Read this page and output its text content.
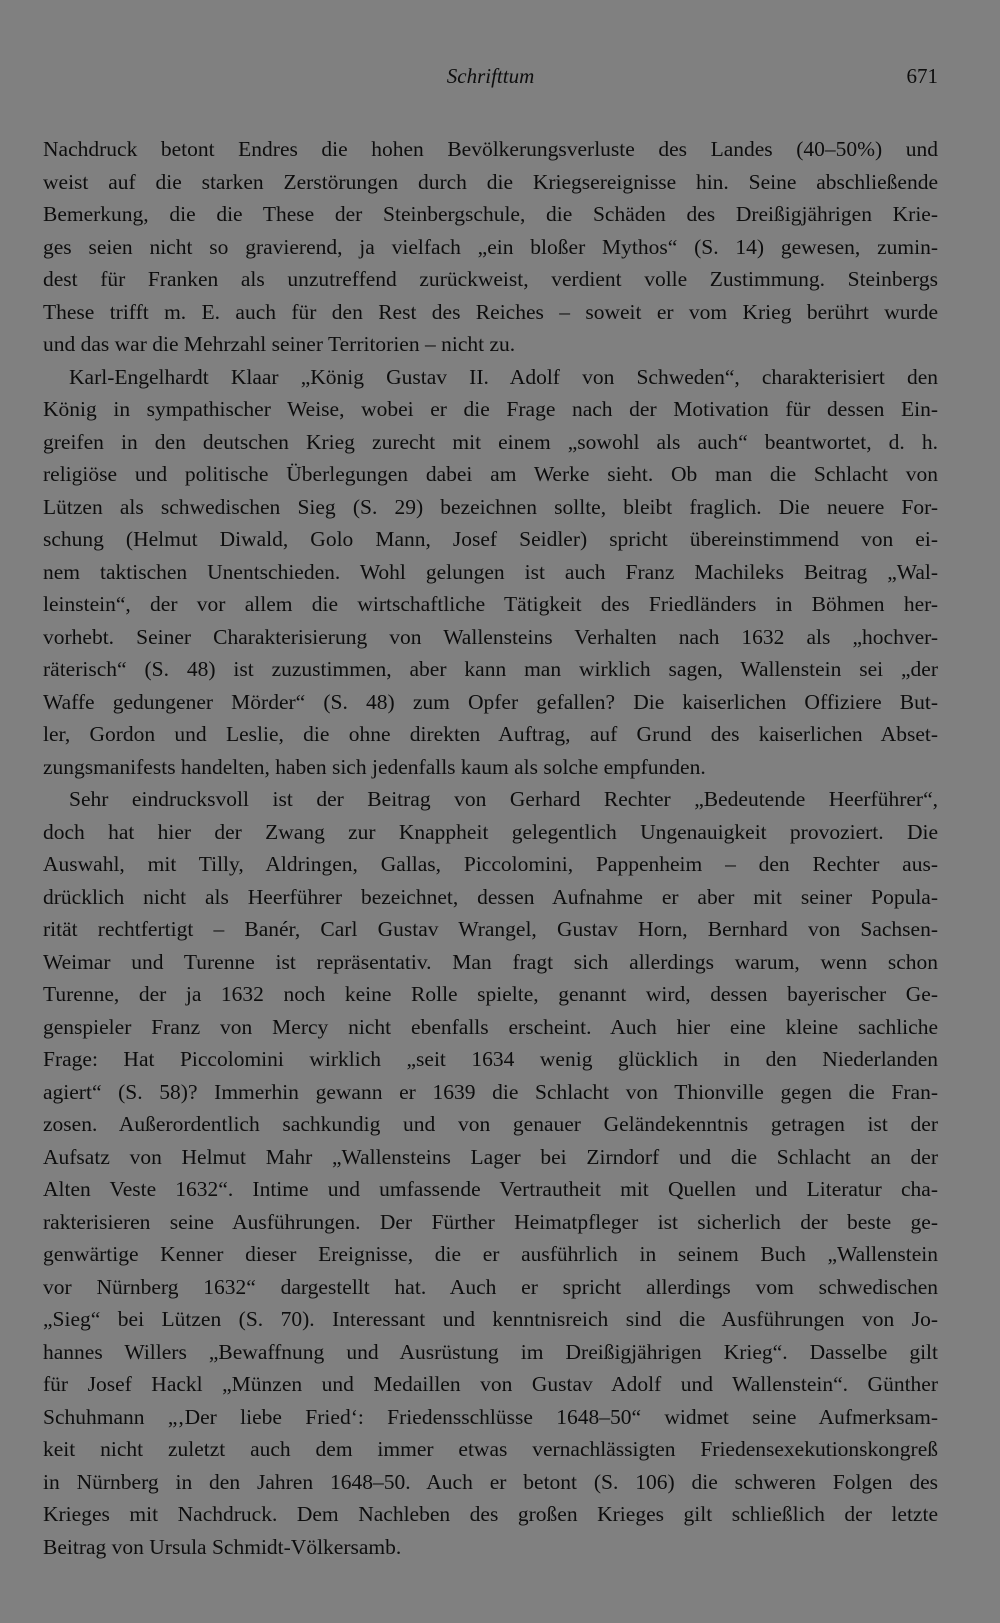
Schrifttum	671
Nachdruck betont Endres die hohen Bevölkerungsverluste des Landes (40–50%) und
weist auf die starken Zerstörungen durch die Kriegsereignisse hin. Seine abschließende
Bemerkung, die die These der Steinbergschule, die Schäden des Dreißigjährigen Krie-
ges seien nicht so gravierend, ja vielfach „ein bloßer Mythos“ (S. 14) gewesen, zumin-
dest für Franken als unzutreffend zurückweist, verdient volle Zustimmung. Steinbergs
These trifft m. E. auch für den Rest des Reiches – soweit er vom Krieg berührt wurde
und das war die Mehrzahl seiner Territorien – nicht zu.
Karl-Engelhardt Klaar „König Gustav II. Adolf von Schweden“, charakterisiert den
König in sympathischer Weise, wobei er die Frage nach der Motivation für dessen Ein-
greifen in den deutschen Krieg zurecht mit einem „sowohl als auch“ beantwortet, d. h.
religiöse und politische Überlegungen dabei am Werke sieht. Ob man die Schlacht von
Lützen als schwedischen Sieg (S. 29) bezeichnen sollte, bleibt fraglich. Die neuere For-
schung (Helmut Diwald, Golo Mann, Josef Seidler) spricht übereinstimmend von ei-
nem taktischen Unentschieden. Wohl gelungen ist auch Franz Machileks Beitrag „Wal-
leinstein“, der vor allem die wirtschaftliche Tätigkeit des Friedländers in Böhmen her-
vorhebt. Seiner Charakterisierung von Wallensteins Verhalten nach 1632 als „hochver-
räterisch“ (S. 48) ist zuzustimmen, aber kann man wirklich sagen, Wallenstein sei „der
Waffe gedungener Mörder“ (S. 48) zum Opfer gefallen? Die kaiserlichen Offiziere But-
ler, Gordon und Leslie, die ohne direkten Auftrag, auf Grund des kaiserlichen Abset-
zungsmanifests handelten, haben sich jedenfalls kaum als solche empfunden.
Sehr eindrucksvoll ist der Beitrag von Gerhard Rechter „Bedeutende Heerführer“,
doch hat hier der Zwang zur Knappheit gelegentlich Ungenauigkeit provoziert. Die
Auswahl, mit Tilly, Aldringen, Gallas, Piccolomini, Pappenheim – den Rechter aus-
drücklich nicht als Heerführer bezeichnet, dessen Aufnahme er aber mit seiner Popula-
rität rechtfertigt – Banér, Carl Gustav Wrangel, Gustav Horn, Bernhard von Sachsen-
Weimar und Turenne ist repräsentativ. Man fragt sich allerdings warum, wenn schon
Turenne, der ja 1632 noch keine Rolle spielte, genannt wird, dessen bayerischer Ge-
genspieler Franz von Mercy nicht ebenfalls erscheint. Auch hier eine kleine sachliche
Frage: Hat Piccolomini wirklich „seit 1634 wenig glücklich in den Niederlanden
agiert“ (S. 58)? Immerhin gewann er 1639 die Schlacht von Thionville gegen die Fran-
zosen. Außerordentlich sachkundig und von genauer Geländekenntnis getragen ist der
Aufsatz von Helmut Mahr „Wallensteins Lager bei Zirndorf und die Schlacht an der
Alten Veste 1632“. Intime und umfassende Vertrautheit mit Quellen und Literatur cha-
rakterisieren seine Ausführungen. Der Fürther Heimatpfleger ist sicherlich der beste ge-
genwärtige Kenner dieser Ereignisse, die er ausführlich in seinem Buch „Wallenstein
vor Nürnberg 1632“ dargestellt hat. Auch er spricht allerdings vom schwedischen
„Sieg“ bei Lützen (S. 70). Interessant und kenntnisreich sind die Ausführungen von Jo-
hannes Willers „Bewaffnung und Ausrüstung im Dreißigjährigen Krieg“. Dasselbe gilt
für Josef Hackl „Münzen und Medaillen von Gustav Adolf und Wallenstein“. Günther
Schuhmann „‚Der liebe Fried‘: Friedensschlüsse 1648–50“ widmet seine Aufmerksam-
keit nicht zuletzt auch dem immer etwas vernachlässigten Friedensexekutionskongreß
in Nürnberg in den Jahren 1648–50. Auch er betont (S. 106) die schweren Folgen des
Krieges mit Nachdruck. Dem Nachleben des großen Krieges gilt schließlich der letzte
Beitrag von Ursula Schmidt-Völkersamb.
